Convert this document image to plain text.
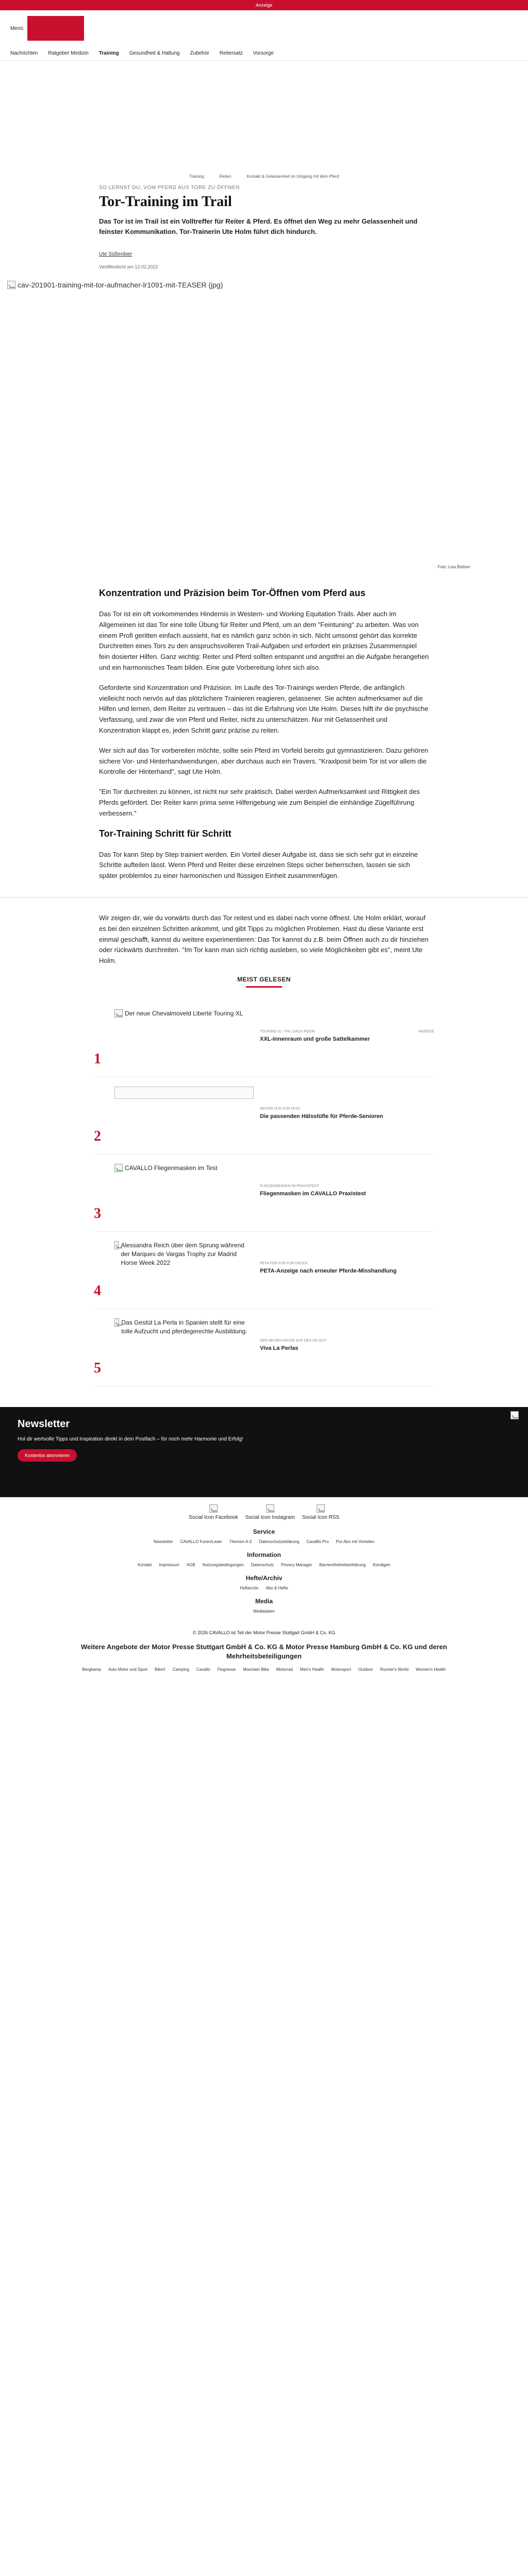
Anzeige
Menü
Nachrichten Ratgeber Medizin Training Gesundheit & Haltung Zubehör Reitersatz Vorsorge
Training	Reiten	Kontakt & Gelassenheit im Umgang mit dem Pferd
SO LERNST DU, VOM PFERD AUS TORE ZU ÖFFNEN
Tor-Training im Trail

Das Tor ist im Trail ist ein Volltreffer für Reiter & Pferd. Es öffnet den Weg zu mehr Gelassenheit und feinster Kommunikation. Tor-Trainerin Ute Holm führt dich hindurch.

Ute Süßenbier
Veröffentlicht am 12.02.2022
cav-201901-training-mit-tor-aufmacher-lr1091-mit-TEASER (jpg)
Foto: Lisa Büttner
Konzentration und Präzision beim Tor-Öffnen vom Pferd aus

Das Tor ist ein oft vorkommendes Hindernis in Western- und Working Equitation Trails. Aber auch im Allgemeinen ist das Tor eine tolle Übung für Reiter und Pferd, um an dem "Feintuning" zu arbeiten. Was von einem Profi geritten einfach aussieht, hat es nämlich ganz schön in sich. Nicht umsonst gehört das korrekte Durchreiten eines Tors zu den anspruchsvolleren Trail-Aufgaben und erfordert ein präzises Zusammenspiel fein dosierter Hilfen. Ganz wichtig: Reiter und Pferd sollten entspannt und angstfrei an die Aufgabe herangehen und ein harmonisches Team bilden. Eine gute Vorbereitung lohnt sich also.

Geforderte sind Konzentration und Präzision. Im Laufe des Tor-Trainings werden Pferde, die anfänglich vielleicht noch nervös auf das plötzlichere Trainieren reagieren, gelassener. Sie achten aufmerksamer auf die Hilfen und lernen, dem Reiter zu vertrauen – das ist die Erfahrung von Ute Holm. Dieses hilft ihr die psychische Verfassung, und zwar die von Pferd und Reiter, nicht zu unterschätzen. Nur mit Gelassenheit und Konzentration klappt es, jeden Schritt ganz präzise zu reiten.

Wer sich auf das Tor vorbereiten möchte, sollte sein Pferd im Vorfeld bereits gut gymnastizieren. Dazu gehören sichere Vor- und Hinterhandwendungen, aber durchaus auch ein Travers. "Kraxlposit beim Tor ist vor allem die Kontrolle der Hinterhand", sagt Ute Holm.

"Ein Tor durchreiten zu können, ist nicht nur sehr praktisch. Dabei werden Aufmerksamkeit und Rittigkeit des Pferds gefördert. Der Reiter kann prima seine Hilfengebung wie zum Beispiel die einhändige Zügelführung verbessern."

Tor-Training Schritt für Schritt

Das Tor kann Step by Step trainiert werden. Ein Vorteil dieser Aufgabe ist, dass sie sich sehr gut in einzelne Schritte aufteilen lässt. Wenn Pferd und Reiter diese einzelnen Steps sicher beherrschen, lassen sie sich später problemlos zu einer harmonischen und flüssigen Einheit zusammenfügen.

Wir zeigen dir, wie du vorwärts durch das Tor reitest und es dabei nach vorne öffnest. Ute Holm erklärt, worauf es bei den einzelnen Schritten ankommt, und gibt Tipps zu möglichen Problemen. Hast du diese Variante erst einmal geschafft, kannst du weitere experimentieren: Das Tor kannst du z.B. beim Öffnen auch zu dir hinziehen oder rückwärts durchreiten. "Im Tor kann man sich richtig ausleben, so viele Möglichkeiten gibt es", meint Ute Holm.

MEIST GELESEN
1
Der neue Chevalmoveld Liberté Touring XL
TOURING XL / PKL DACK ROOM	ANZEIGE
XXL-Innenraum und große Sattelkammer
2
REITER FÜR FÜR FEST
Die passenden Hälsstüfle für Pferde-Senioren
3
CAVALLO Fliegenmasken im Test
FLIEGENMASKEN IM PRAXISTEST
Fliegenmasken im CAVALLO Praxistest
4
Alessandra Reich über dem Sprung während der Marques de Vargas Trophy zur Madrid Horse Week 2022	PETA FÜR FÜR FÜR DRUCK
PETA-Anzeige nach erneuter Pferde-Misshandlung
5
Das Gestüt La Perla in Spanien stellt für eine tolle Aufzucht und pferdegerechte Ausbildung.
DER NEUEN HOUSE AUF DES HO GUT
Viva La Perlas
Newsletter

Hol dir wertvolle Tipps und Inspiration direkt in dein Postfach – für noch mehr Harmonie und Erfolg!

Kostenlos abonnieren

Social Icon Facebook Social Icon Instagram Social Icon RSS
Service
Newsletter CAVALLO Foren/Leser Themen A-Z Datenschutzerklärung CavaBo Pro Pur Abo mit Vorteilen
Information
Kontakt Impressum AGB Nutzungsbedingungen Datenschutz Privacy Manager Barrierefreiheitserklärung Kündigen
Hefte/Archiv
Heftarchiv Abo & Hefte
Media
Mediadaten
© 2026 CAVALLO ist Teil der Motor Presse Stuttgart GmbH & Co. KG
Weitere Angebote der Motor Presse Stuttgart GmbH & Co. KG & Motor Presse Hamburg GmbH & Co. KG und deren Mehrheitsbeteiligungen
Bergkamp Auto Motor und Sport BikeX Camping Cavallo Flugrevue Mountain Bike Motorrad Men's Health Motorsport Outdoor Runner's World Women's Health
